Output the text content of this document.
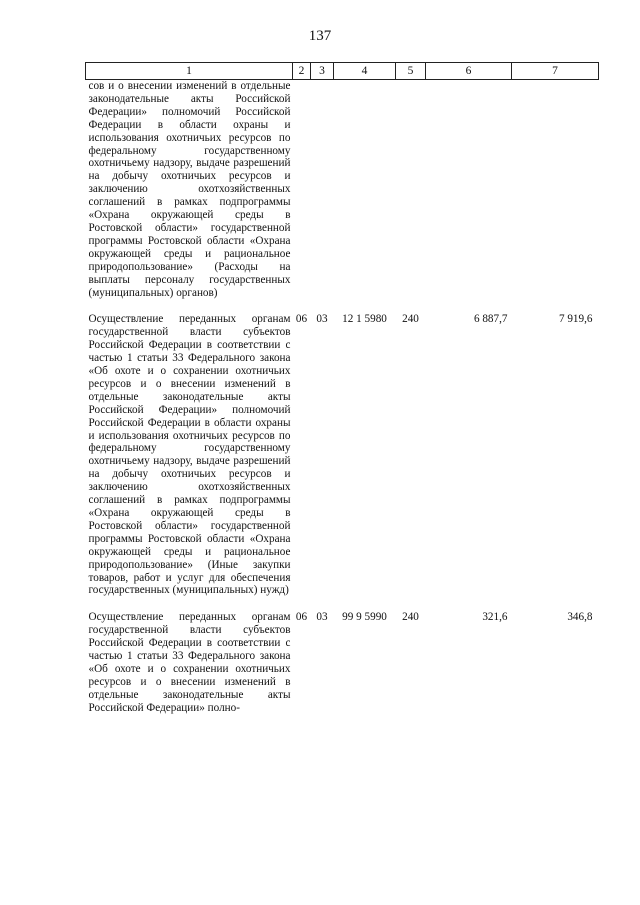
137
1	2	3	4	5	6	7
сов и о внесении изменений в отдельные законодательные акты Российской Федерации» полномочий Российской Федерации в области охраны и использования охотничьих ресурсов по федеральному государственному охотничьему надзору, выдаче разрешений на добычу охотничьих ресурсов и заключению охотхозяйственных соглашений в рамках подпрограммы «Охрана окружающей среды в Ростовской области» государственной программы Ростовской области «Охрана окружающей среды и рациональное природопользование» (Расходы на выплаты персоналу государственных (муниципальных) органов)						
Осуществление переданных органам государственной власти субъектов Российской Федерации в соответствии с частью 1 статьи 33 Федерального закона «Об охоте и о сохранении охотничьих ресурсов и о внесении изменений в отдельные законодательные акты Российской Федерации» полномочий Российской Федерации в области охраны и использования охотничьих ресурсов по федеральному государственному охотничьему надзору, выдаче разрешений на добычу охотничьих ресурсов и заключению охотхозяйственных соглашений в рамках подпрограммы «Охрана окружающей среды в Ростовской области» государственной программы Ростовской области «Охрана окружающей среды и рациональное природопользование» (Иные закупки товаров, работ и услуг для обеспечения государственных (муниципальных) нужд)	06	03	12 1 5980	240	6 887,7	7 919,6
Осуществление переданных органам государственной власти субъектов Российской Федерации в соответствии с частью 1 статьи 33 Федерального закона «Об охоте и о сохранении охотничьих ресурсов и о внесении изменений в отдельные законодательные акты Российской Федерации» полно-	06	03	99 9 5990	240	321,6	346,8
